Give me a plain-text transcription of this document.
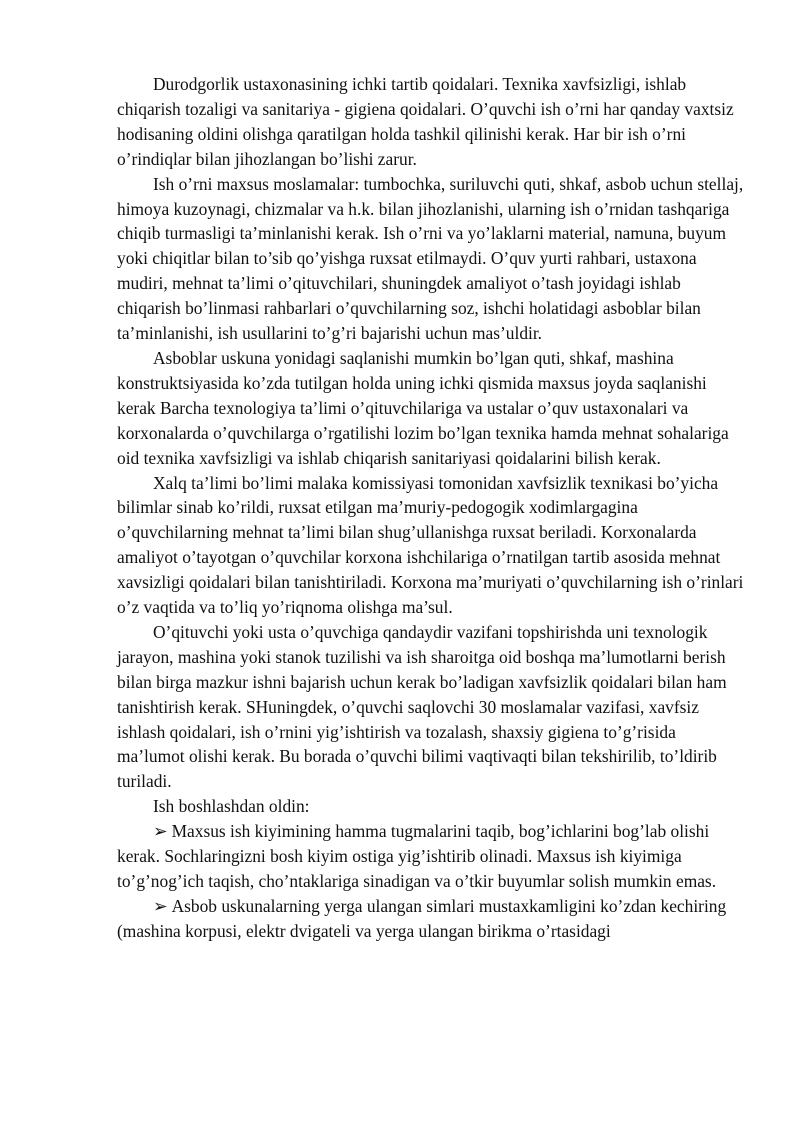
Durodgorlik ustaxonasining ichki tartib qoidalari. Texnika xavfsizligi, ishlab chiqarish tozaligi va sanitariya - gigiena qoidalari. O’quvchi ish o’rni har qanday vaxtsiz hodisaning oldini olishga qaratilgan holda tashkil qilinishi kerak. Har bir ish o’rni o’rindiqlar bilan jihozlangan bo’lishi zarur.

Ish o’rni maxsus moslamalar: tumbochka, suriluvchi quti, shkaf, asbob uchun stellaj, himoya kuzoynagi, chizmalar va h.k. bilan jihozlanishi, ularning ish o’rnidan tashqariga chiqib turmasligi ta’minlanishi kerak. Ish o’rni va yo’laklarni material, namuna, buyum yoki chiqitlar bilan to’sib qo’yishga ruxsat etilmaydi. O’quv yurti rahbari, ustaxona mudiri, mehnat ta’limi o’qituvchilari, shuningdek amaliyot o’tash joyidagi ishlab chiqarish bo’linmasi rahbarlari o’quvchilarning soz, ishchi holatidagi asboblar bilan ta’minlanishi, ish usullarini to’g’ri bajarishi uchun mas’uldir.

Asboblar uskuna yonidagi saqlanishi mumkin bo’lgan quti, shkaf, mashina konstruktsiyasida ko’zda tutilgan holda uning ichki qismida maxsus joyda saqlanishi kerak Barcha texnologiya ta’limi o’qituvchilariga va ustalar o’quv ustaxonalari va korxonalarda o’quvchilarga o’rgatilishi lozim bo’lgan texnika hamda mehnat sohalariga oid texnika xavfsizligi va ishlab chiqarish sanitariyasi qoidalarini bilish kerak.

Xalq ta’limi bo’limi malaka komissiyasi tomonidan xavfsizlik texnikasi bo’yicha bilimlar sinab ko’rildi, ruxsat etilgan ma’muriy-pedogogik xodimlargagina o’quvchilarning mehnat ta’limi bilan shug’ullanishga ruxsat beriladi. Korxonalarda amaliyot o’tayotgan o’quvchilar korxona ishchilariga o’rnatilgan tartib asosida mehnat xavsizligi qoidalari bilan tanishtiriladi. Korxona ma’muriyati o’quvchilarning ish o’rinlari o’z vaqtida va to’liq yo’riqnoma olishga ma’sul.

O’qituvchi yoki usta o’quvchiga qandaydir vazifani topshirishda uni texnologik jarayon, mashina yoki stanok tuzilishi va ish sharoitga oid boshqa ma’lumotlarni berish bilan birga mazkur ishni bajarish uchun kerak bo’ladigan xavfsizlik qoidalari bilan ham tanishtirish kerak. SHuningdek, o’quvchi saqlovchi 30 moslamalar vazifasi, xavfsiz ishlash qoidalari, ish o’rnini yig’ishtirish va tozalash, shaxsiy gigiena to’g’risida ma’lumot olishi kerak. Bu borada o’quvchi bilimi vaqtivaqti bilan tekshirilib, to’ldirib turiladi.

Ish boshlashdan oldin:

➢ Maxsus ish kiyimining hamma tugmalarini taqib, bog’ichlarini bog’lab olishi kerak. Sochlaringizni bosh kiyim ostiga yig’ishtirib olinadi. Maxsus ish kiyimiga to’g’nog’ich taqish, cho’ntaklariga sinadigan va o’tkir buyumlar solish mumkin emas.

➢ Asbob uskunalarning yerga ulangan simlari mustaxkamligini ko’zdan kechiring (mashina korpusi, elektr dvigateli va yerga ulangan birikma o’rtasidagi
